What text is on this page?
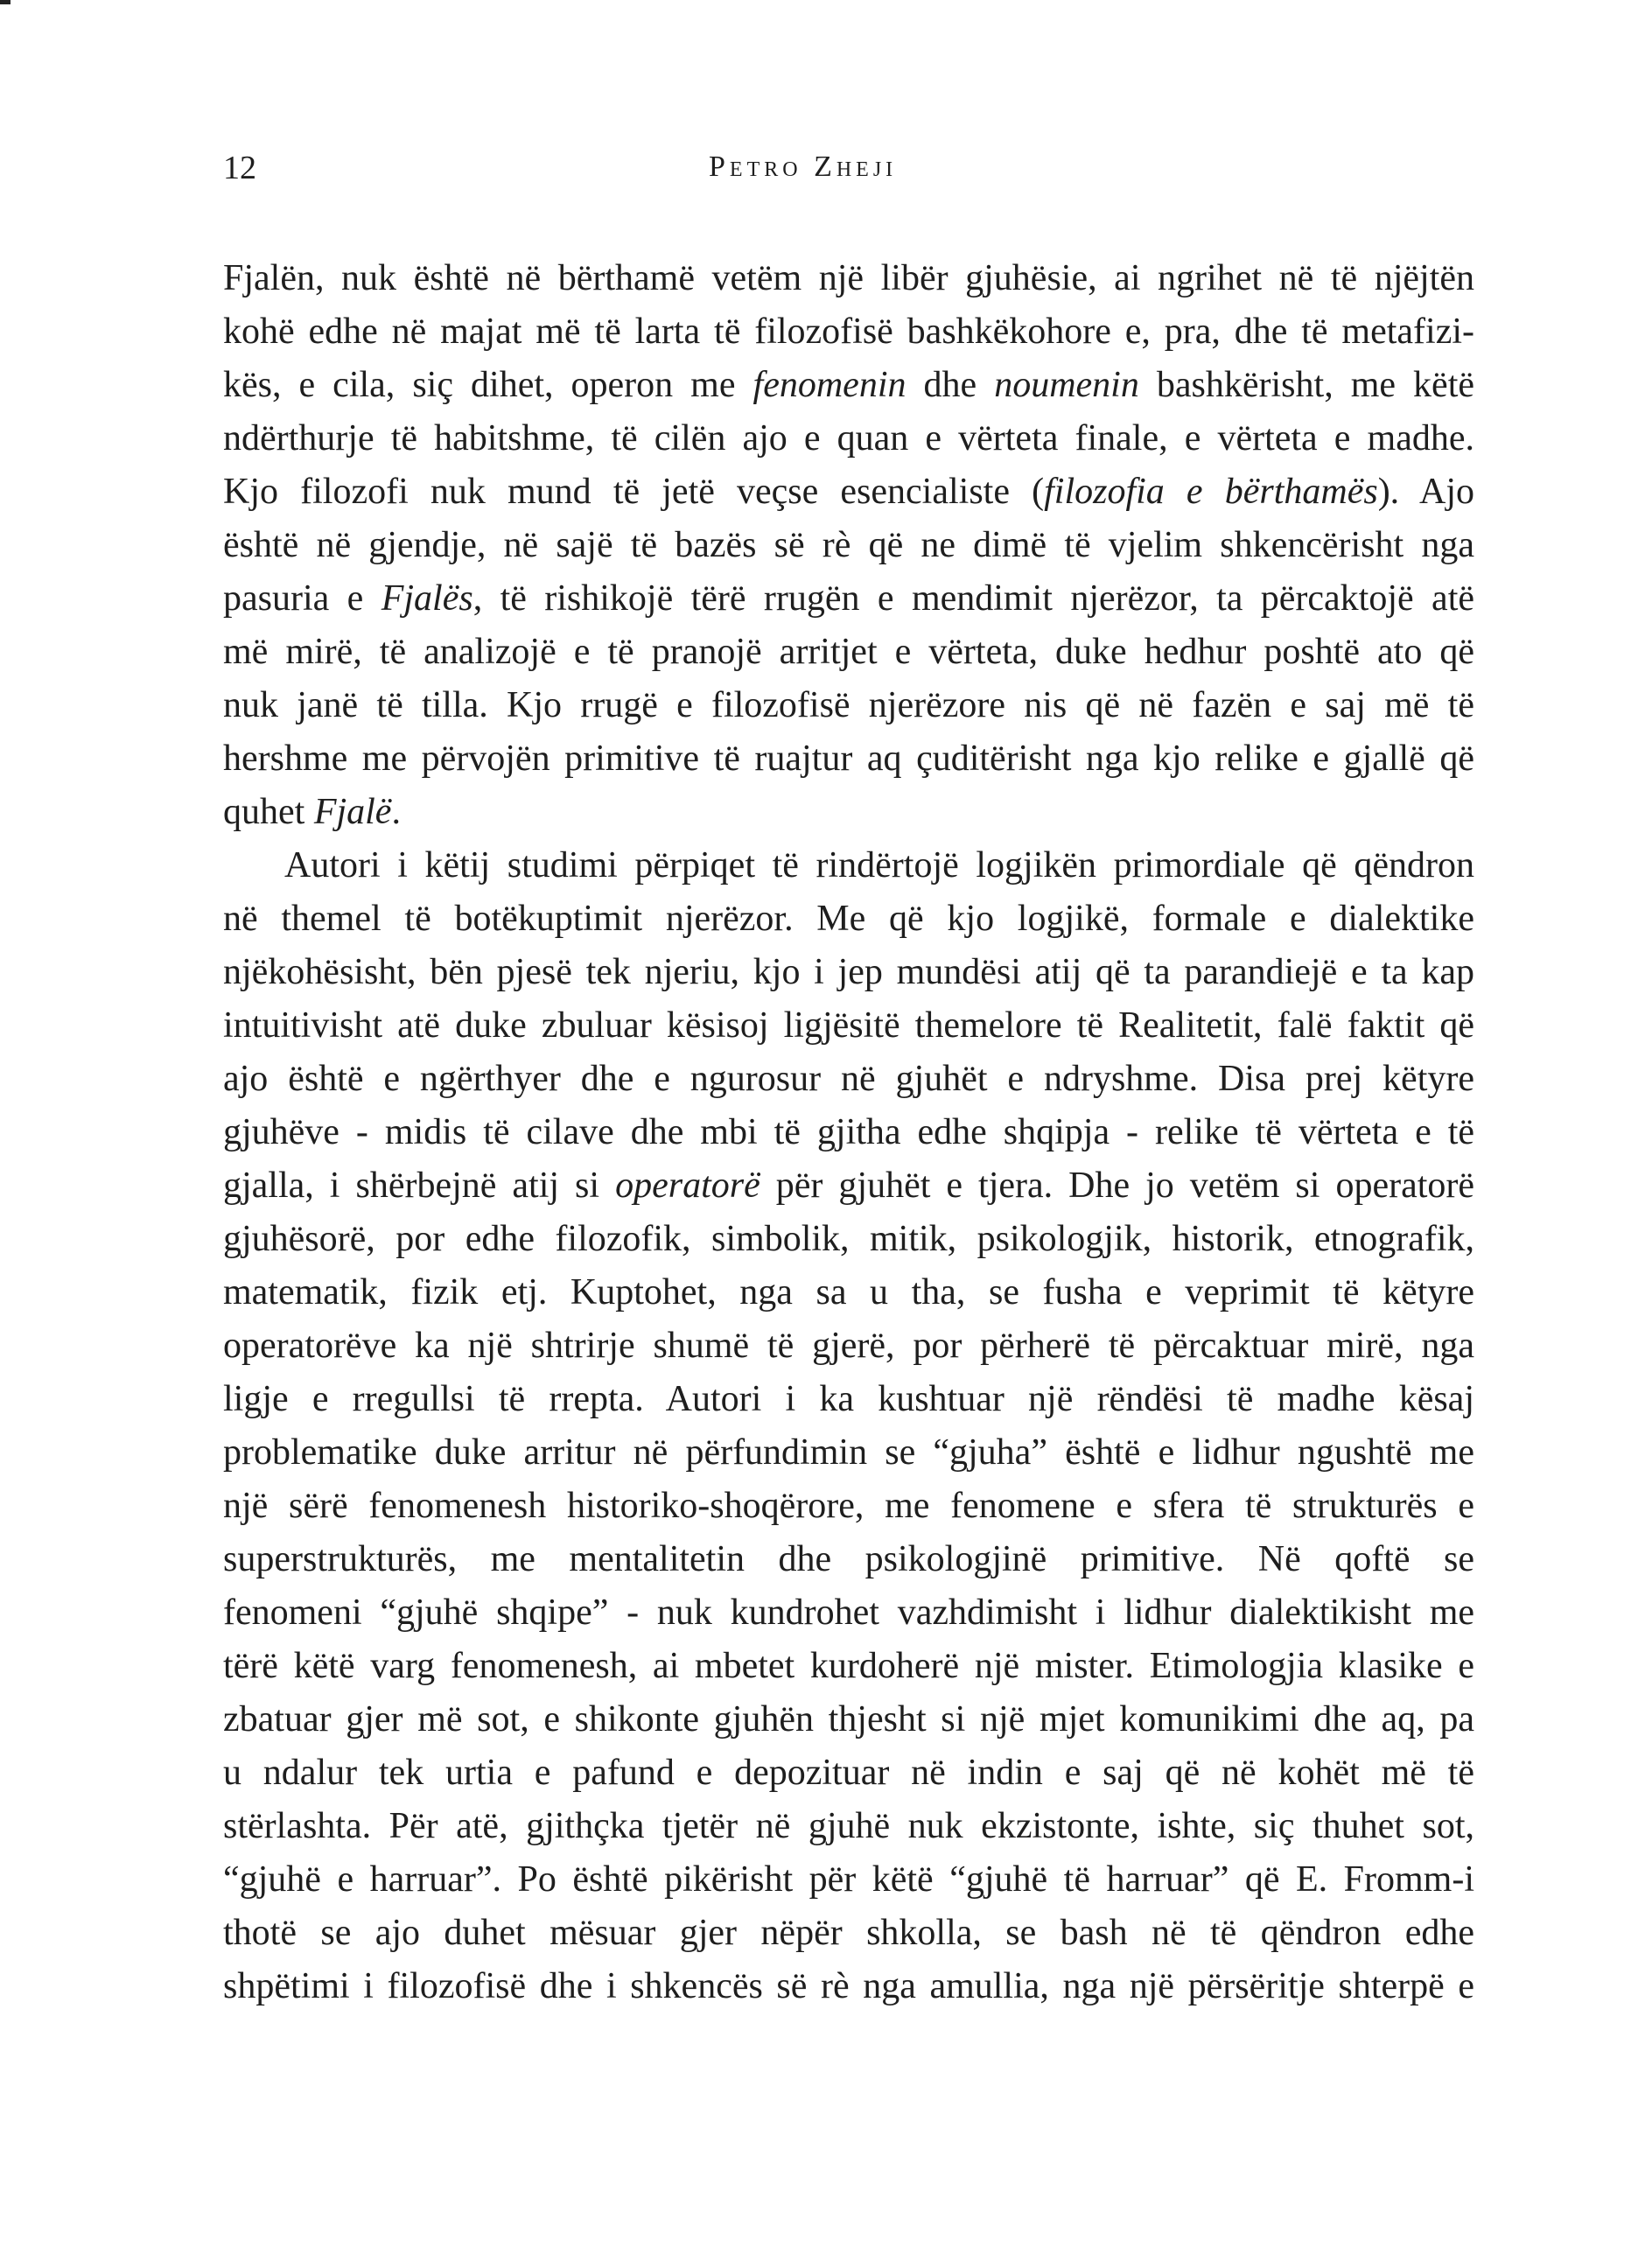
12	Petro Zheji
Fjalën, nuk është në bërthamë vetëm një libër gjuhësie, ai ngrihet në të njëjtën
kohë edhe në majat më të larta të filozofisë bashkëkohore e, pra, dhe të metafizi-
kës, e cila, siç dihet, operon me fenomenin dhe noumenin bashkërisht, me këtë
ndërthurje të habitshme, të cilën ajo e quan e vërteta finale, e vërteta e madhe.
Kjo filozofi nuk mund të jetë veçse esencialiste (filozofia e bërthamës). Ajo
është në gjendje, në sajë të bazës së rè që ne dimë të vjelim shkencërisht nga
pasuria e Fjalës, të rishikojë tërë rrugën e mendimit njerëzor, ta përcaktojë atë
më mirë, të analizojë e të pranojë arritjet e vërteta, duke hedhur poshtë ato që
nuk janë të tilla. Kjo rrugë e filozofisë njerëzore nis që në fazën e saj më të
hershme me përvojën primitive të ruajtur aq çuditërisht nga kjo relike e gjallë që
quhet Fjalë.
Autori i këtij studimi përpiqet të rindërtojë logjikën primordiale që qëndron
në themel të botëkuptimit njerëzor. Me që kjo logjikë, formale e dialektike
njëkohësisht, bën pjesë tek njeriu, kjo i jep mundësi atij që ta parandiejë e ta kap
intuitivisht atë duke zbuluar kësisoj ligjësitë themelore të Realitetit, falë faktit që
ajo është e ngërthyer dhe e ngurosur në gjuhët e ndryshme. Disa prej këtyre
gjuhëve - midis të cilave dhe mbi të gjitha edhe shqipja - relike të vërteta e të
gjalla, i shërbejnë atij si operatorë për gjuhët e tjera. Dhe jo vetëm si operatorë
gjuhësorë, por edhe filozofik, simbolik, mitik, psikologjik, historik, etnografik,
matematik, fizik etj. Kuptohet, nga sa u tha, se fusha e veprimit të këtyre
operatorëve ka një shtrirje shumë të gjerë, por përherë të përcaktuar mirë, nga
ligje e rregullsi të rrepta. Autori i ka kushtuar një rëndësi të madhe kësaj
problematike duke arritur në përfundimin se “gjuha” është e lidhur ngushtë me
një sërë fenomenesh historiko-shoqërore, me fenomene e sfera të strukturës e
superstrukturës, me mentalitetin dhe psikologjinë primitive. Në qoftë se
fenomeni “gjuhë shqipe” - nuk kundrohet vazhdimisht i lidhur dialektikisht me
tërë këtë varg fenomenesh, ai mbetet kurdoherë një mister. Etimologjia klasike e
zbatuar gjer më sot, e shikonte gjuhën thjesht si një mjet komunikimi dhe aq, pa
u ndalur tek urtia e pafund e depozituar në indin e saj që në kohët më të
stërlashta. Për atë, gjithçka tjetër në gjuhë nuk ekzistonte, ishte, siç thuhet sot,
“gjuhë e harruar”. Po është pikërisht për këtë “gjuhë të harruar” që E. Fromm-i
thotë se ajo duhet mësuar gjer nëpër shkolla, se bash në të qëndron edhe
shpëtimi i filozofisë dhe i shkencës së rè nga amullia, nga një përsëritje shterpë e
